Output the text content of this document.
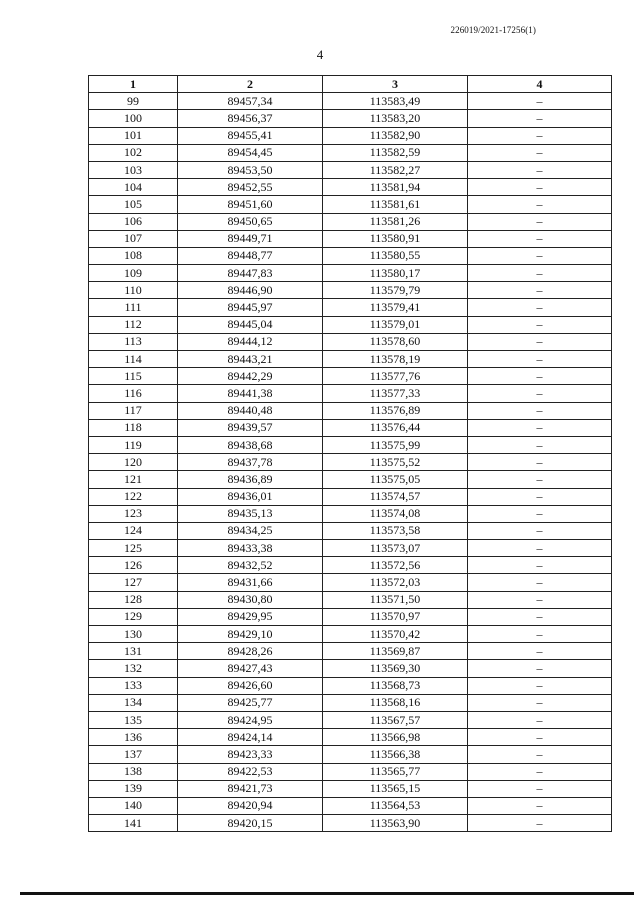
226019/2021-17256(1)
4
1	2	3	4
99	89457,34	113583,49	–
100	89456,37	113583,20	–
101	89455,41	113582,90	–
102	89454,45	113582,59	–
103	89453,50	113582,27	–
104	89452,55	113581,94	–
105	89451,60	113581,61	–
106	89450,65	113581,26	–
107	89449,71	113580,91	–
108	89448,77	113580,55	–
109	89447,83	113580,17	–
110	89446,90	113579,79	–
111	89445,97	113579,41	–
112	89445,04	113579,01	–
113	89444,12	113578,60	–
114	89443,21	113578,19	–
115	89442,29	113577,76	–
116	89441,38	113577,33	–
117	89440,48	113576,89	–
118	89439,57	113576,44	–
119	89438,68	113575,99	–
120	89437,78	113575,52	–
121	89436,89	113575,05	–
122	89436,01	113574,57	–
123	89435,13	113574,08	–
124	89434,25	113573,58	–
125	89433,38	113573,07	–
126	89432,52	113572,56	–
127	89431,66	113572,03	–
128	89430,80	113571,50	–
129	89429,95	113570,97	–
130	89429,10	113570,42	–
131	89428,26	113569,87	–
132	89427,43	113569,30	–
133	89426,60	113568,73	–
134	89425,77	113568,16	–
135	89424,95	113567,57	–
136	89424,14	113566,98	–
137	89423,33	113566,38	–
138	89422,53	113565,77	–
139	89421,73	113565,15	–
140	89420,94	113564,53	–
141	89420,15	113563,90	–
